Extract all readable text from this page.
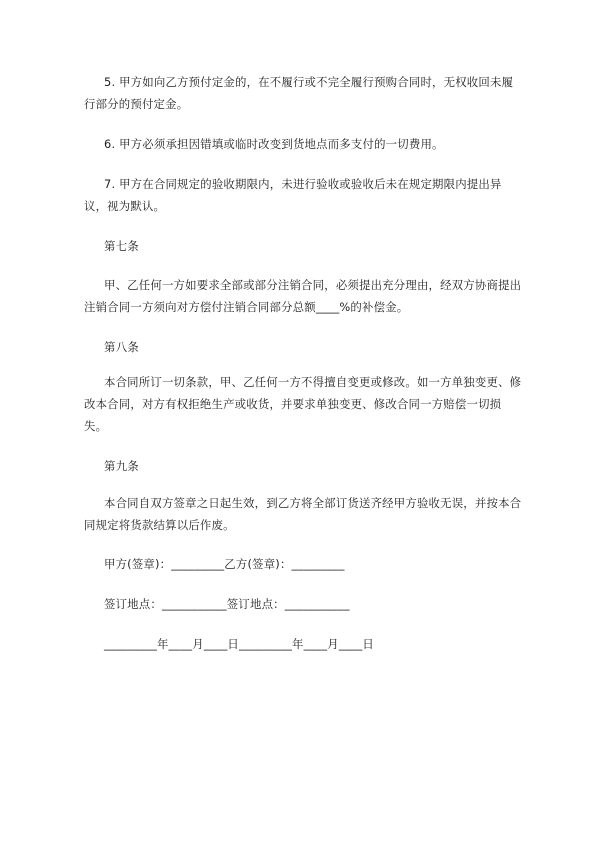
5. 甲方如向乙方预付定金的，在不履行或不完全履行预购合同时，无权收回未履行部分的预付定金。

6. 甲方必须承担因错填或临时改变到货地点而多支付的一切费用。

7. 甲方在合同规定的验收期限内，未进行验收或验收后未在规定期限内提出异议，视为默认。

第七条

甲、乙任何一方如要求全部或部分注销合同，必须提出充分理由，经双方协商提出注销合同一方须向对方偿付注销合同部分总额____%的补偿金。

第八条

本合同所订一切条款，甲、乙任何一方不得擅自变更或修改。如一方单独变更、修改本合同，对方有权拒绝生产或收货，并要求单独变更、修改合同一方赔偿一切损失。

第九条

本合同自双方签章之日起生效，到乙方将全部订货送齐经甲方验收无误，并按本合同规定将货款结算以后作废。

甲方(签章)：_________乙方(签章)：_________

签订地点：___________签订地点：___________

_________年____月____日_________年____月____日
